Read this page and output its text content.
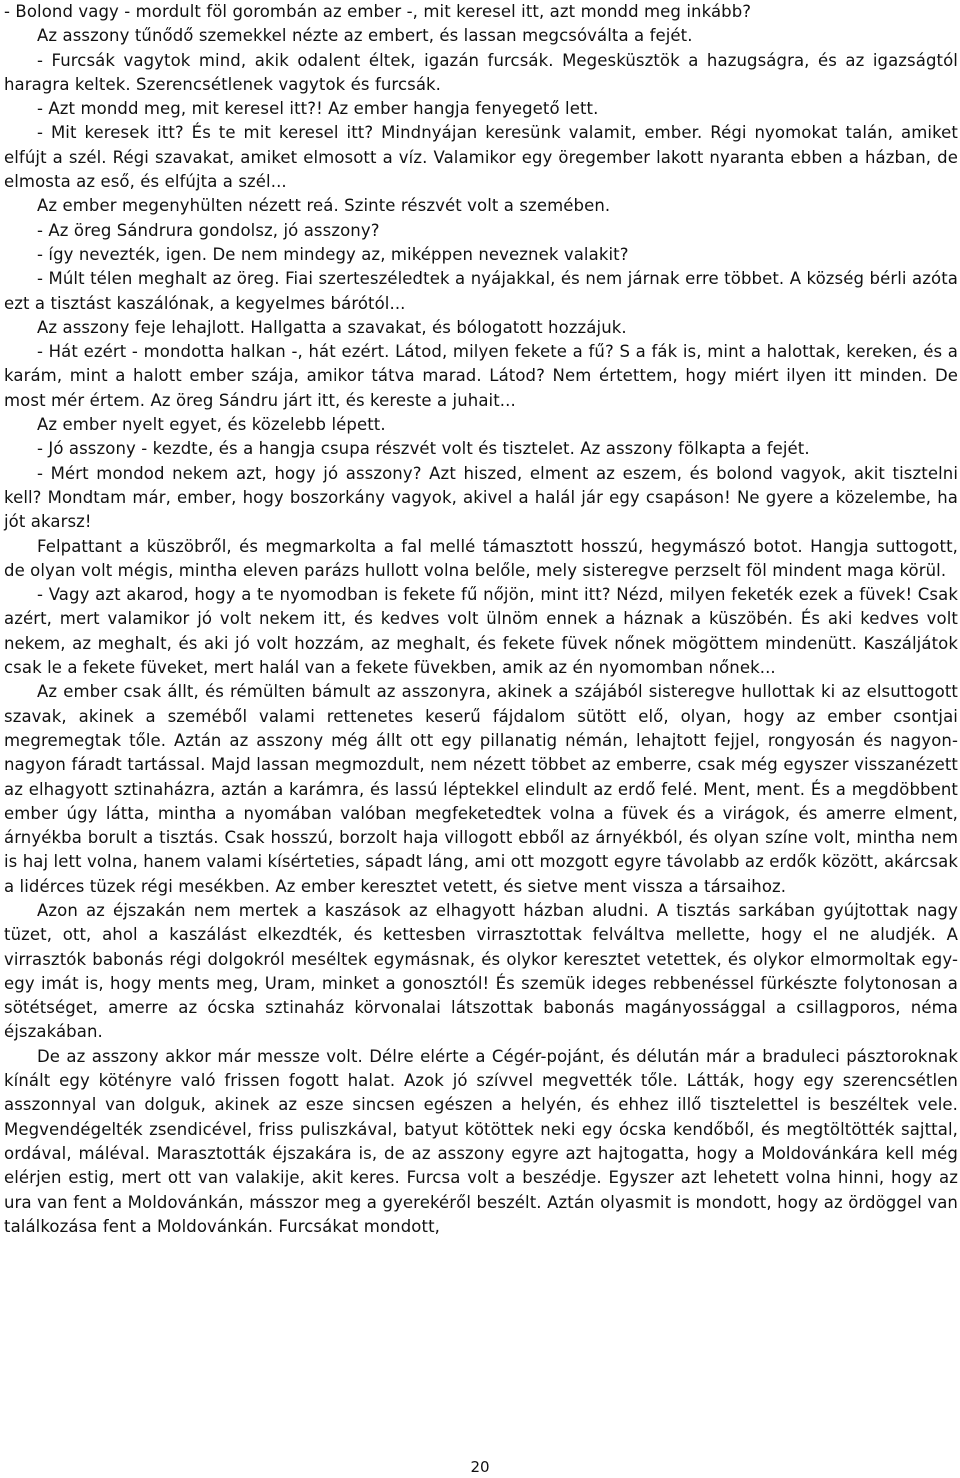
- Bolond vagy - mordult föl gorombán az ember -, mit keresel itt, azt mondd meg inkább?

Az asszony tűnődő szemekkel nézte az embert, és lassan megcsóválta a fejét.

- Furcsák vagytok mind, akik odalent éltek, igazán furcsák. Megesküsztök a hazugságra, és az igazságtól haragra keltek. Szerencsétlenek vagytok és furcsák.

- Azt mondd meg, mit keresel itt?! Az ember hangja fenyegető lett.

- Mit keresek itt? És te mit keresel itt? Mindnyájan keresünk valamit, ember. Régi nyomokat talán, amiket elfújt a szél. Régi szavakat, amiket elmosott a víz. Valamikor egy öregember lakott nyaranta ebben a házban, de elmosta az eső, és elfújta a szél...

Az ember megenyhülten nézett reá. Szinte részvét volt a szemében.

- Az öreg Sándrura gondolsz, jó asszony?

- így nevezték, igen. De nem mindegy az, miképpen neveznek valakit?

- Múlt télen meghalt az öreg. Fiai szerteszéledtek a nyájakkal, és nem járnak erre többet. A község bérli azóta ezt a tisztást kaszálónak, a kegyelmes bárótól...

Az asszony feje lehajlott. Hallgatta a szavakat, és bólogatott hozzájuk.

- Hát ezért - mondotta halkan -, hát ezért. Látod, milyen fekete a fű? S a fák is, mint a halottak, kereken, és a karám, mint a halott ember szája, amikor tátva marad. Látod? Nem értettem, hogy miért ilyen itt minden. De most mér értem. Az öreg Sándru járt itt, és kereste a juhait...

Az ember nyelt egyet, és közelebb lépett.

- Jó asszony - kezdte, és a hangja csupa részvét volt és tisztelet. Az asszony fölkapta a fejét.

- Mért mondod nekem azt, hogy jó asszony? Azt hiszed, elment az eszem, és bolond vagyok, akit tisztelni kell? Mondtam már, ember, hogy boszorkány vagyok, akivel a halál jár egy csapáson! Ne gyere a közelembe, ha jót akarsz!

Felpattant a küszöbről, és megmarkolta a fal mellé támasztott hosszú, hegymászó botot. Hangja suttogott, de olyan volt mégis, mintha eleven parázs hullott volna belőle, mely sisteregve perzselt föl mindent maga körül.

- Vagy azt akarod, hogy a te nyomodban is fekete fű nőjön, mint itt? Nézd, milyen feketék ezek a füvek! Csak azért, mert valamikor jó volt nekem itt, és kedves volt ülnöm ennek a háznak a küszöbén. És aki kedves volt nekem, az meghalt, és aki jó volt hozzám, az meghalt, és fekete füvek nőnek mögöttem mindenütt. Kaszáljátok csak le a fekete füveket, mert halál van a fekete füvekben, amik az én nyomomban nőnek...

Az ember csak állt, és rémülten bámult az asszonyra, akinek a szájából sisteregve hullottak ki az elsuttogott szavak, akinek a szeméből valami rettenetes keserű fájdalom sütött elő, olyan, hogy az ember csontjai megremegtak tőle. Aztán az asszony még állt ott egy pillanatig némán, lehajtott fejjel, rongyosán és nagyon-nagyon fáradt tartással. Majd lassan megmozdult, nem nézett többet az emberre, csak még egyszer visszanézett az elhagyott sztinaházra, aztán a karámra, és lassú léptekkel elindult az erdő felé. Ment, ment. És a megdöbbent ember úgy látta, mintha a nyomában valóban megfeketedtek volna a füvek és a virágok, és amerre elment, árnyékba borult a tisztás. Csak hosszú, borzolt haja villogott ebből az árnyékból, és olyan színe volt, mintha nem is haj lett volna, hanem valami kísérteties, sápadt láng, ami ott mozgott egyre távolabb az erdők között, akárcsak a lidérces tüzek régi mesékben. Az ember keresztet vetett, és sietve ment vissza a társaihoz.

Azon az éjszakán nem mertek a kaszások az elhagyott házban aludni. A tisztás sarkában gyújtottak nagy tüzet, ott, ahol a kaszálást elkezdték, és kettesben virrasztottak felváltva mellette, hogy el ne aludjék. A virrasztók babonás régi dolgokról meséltek egymásnak, és olykor keresztet vetettek, és olykor elmormoltak egy-egy imát is, hogy ments meg, Uram, minket a gonosztól! És szemük ideges rebbenéssel fürkészte folytonosan a sötétséget, amerre az ócska sztinaház körvonalai látszottak babonás magányossággal a csillagporos, néma éjszakában.

De az asszony akkor már messze volt. Délre elérte a Cégér-pojánt, és délután már a braduleci pásztoroknak kínált egy kötényre való frissen fogott halat. Azok jó szívvel megvették tőle. Látták, hogy egy szerencsétlen asszonnyal van dolguk, akinek az esze sincsen egészen a helyén, és ehhez illő tisztelettel is beszéltek vele. Megvendégelték zsendicével, friss puliszkával, batyut kötöttek neki egy ócska kendőből, és megtöltötték sajttal, ordával, máléval. Marasztották éjszakára is, de az asszony egyre azt hajtogatta, hogy a Moldovánkára kell még elérjen estig, mert ott van valakije, akit keres. Furcsa volt a beszédje. Egyszer azt lehetett volna hinni, hogy az ura van fent a Moldovánkán, másszor meg a gyerekéről beszélt. Aztán olyasmit is mondott, hogy az ördöggel van találkozása fent a Moldovánkán. Furcsákat mondott,

20
